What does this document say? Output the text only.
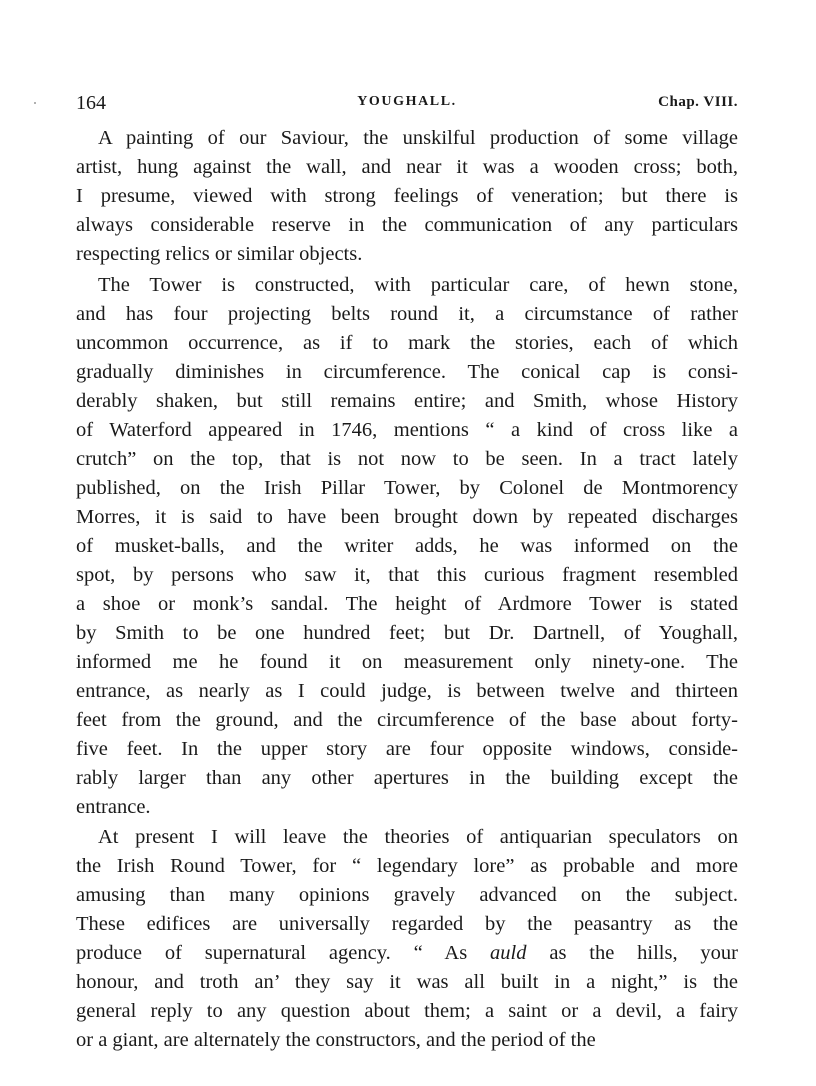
164	YOUGHALL.	Chap. VIII.
A painting of our Saviour, the unskilful production of some village
artist, hung against the wall, and near it was a wooden cross; both,
I presume, viewed with strong feelings of veneration; but there is
always considerable reserve in the communication of any particulars
respecting relics or similar objects.
The Tower is constructed, with particular care, of hewn stone,
and has four projecting belts round it, a circumstance of rather
uncommon occurrence, as if to mark the stories, each of which
gradually diminishes in circumference. The conical cap is consi-
derably shaken, but still remains entire; and Smith, whose History
of Waterford appeared in 1746, mentions “ a kind of cross like a
crutch” on the top, that is not now to be seen. In a tract lately
published, on the Irish Pillar Tower, by Colonel de Montmorency
Morres, it is said to have been brought down by repeated discharges
of musket-balls, and the writer adds, he was informed on the
spot, by persons who saw it, that this curious fragment resembled
a shoe or monk’s sandal. The height of Ardmore Tower is stated
by Smith to be one hundred feet; but Dr. Dartnell, of Youghall,
informed me he found it on measurement only ninety-one. The
entrance, as nearly as I could judge, is between twelve and thirteen
feet from the ground, and the circumference of the base about forty-
five feet. In the upper story are four opposite windows, conside-
rably larger than any other apertures in the building except the
entrance.
At present I will leave the theories of antiquarian speculators on
the Irish Round Tower, for “ legendary lore” as probable and more
amusing than many opinions gravely advanced on the subject.
These edifices are universally regarded by the peasantry as the
produce of supernatural agency. “ As auld as the hills, your
honour, and troth an’ they say it was all built in a night,” is the
general reply to any question about them; a saint or a devil, a fairy
or a giant, are alternately the constructors, and the period of the
